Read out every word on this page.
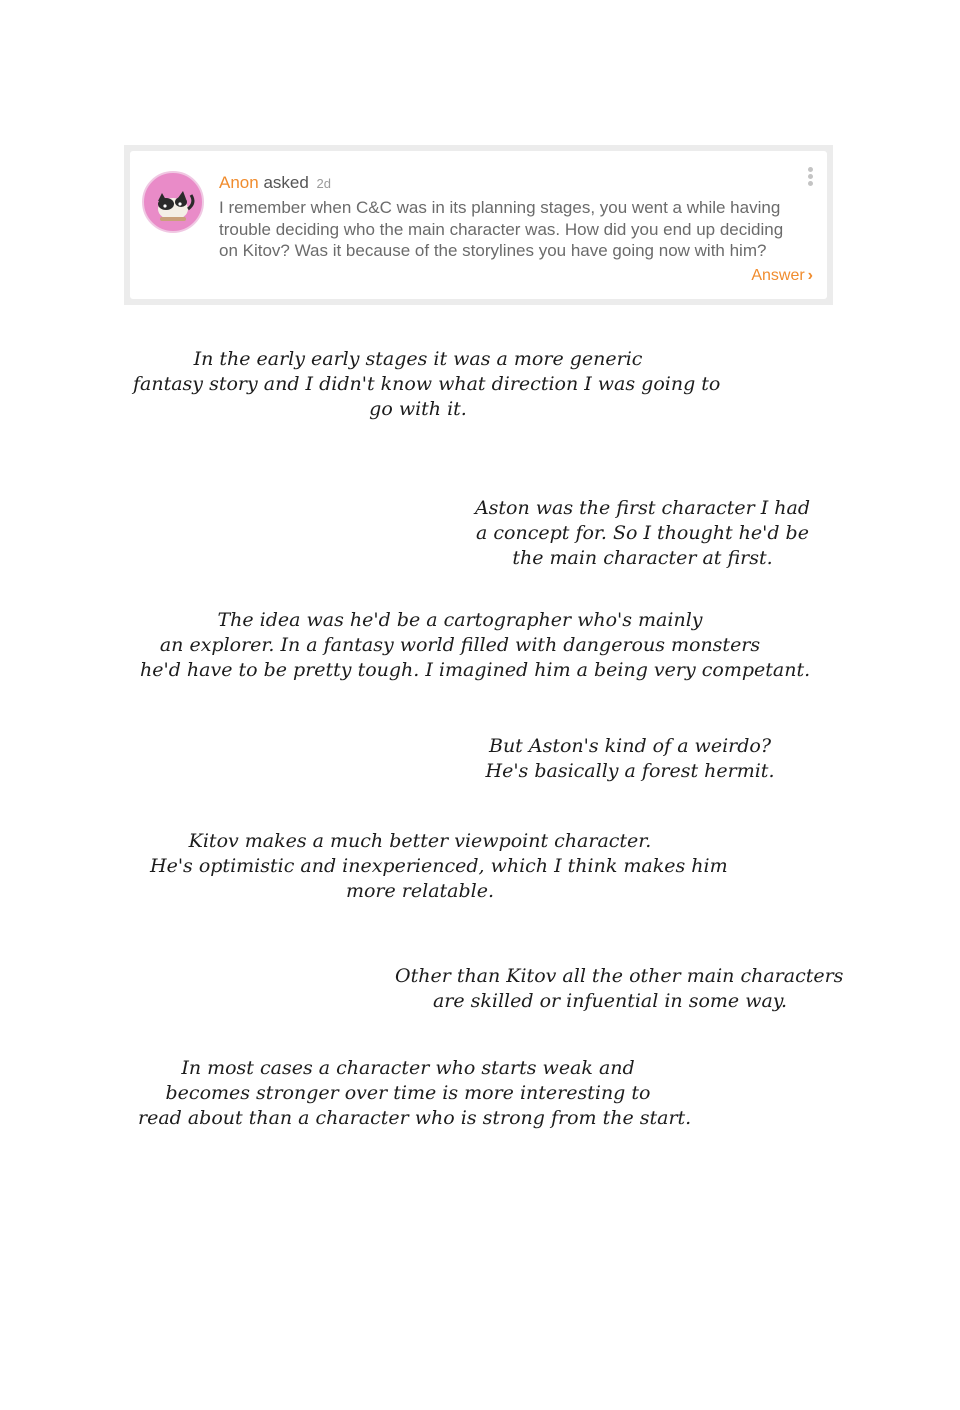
Anon asked 2d
I remember when C&C was in its planning stages, you went a while having
trouble deciding who the main character was. How did you end up deciding
on Kitov? Was it because of the storylines you have going now with him?
Answer ›
In the early early stages it was a more generic
fantasy story and I didn't know what direction I was going to
go with it.
Aston was the first character I had
a concept for. So I thought he'd be
the main character at first.
The idea was he'd be a cartographer who's mainly
an explorer. In a fantasy world filled with dangerous monsters
he'd have to be pretty tough. I imagined him a being very competant.
But Aston's kind of a weirdo?
He's basically a forest hermit.
Kitov makes a much better viewpoint character.
He's optimistic and inexperienced, which I think makes him
more relatable.
Other than Kitov all the other main characters
are skilled or infuential in some way.
In most cases a character who starts weak and
becomes stronger over time is more interesting to
read about than a character who is strong from the start.
